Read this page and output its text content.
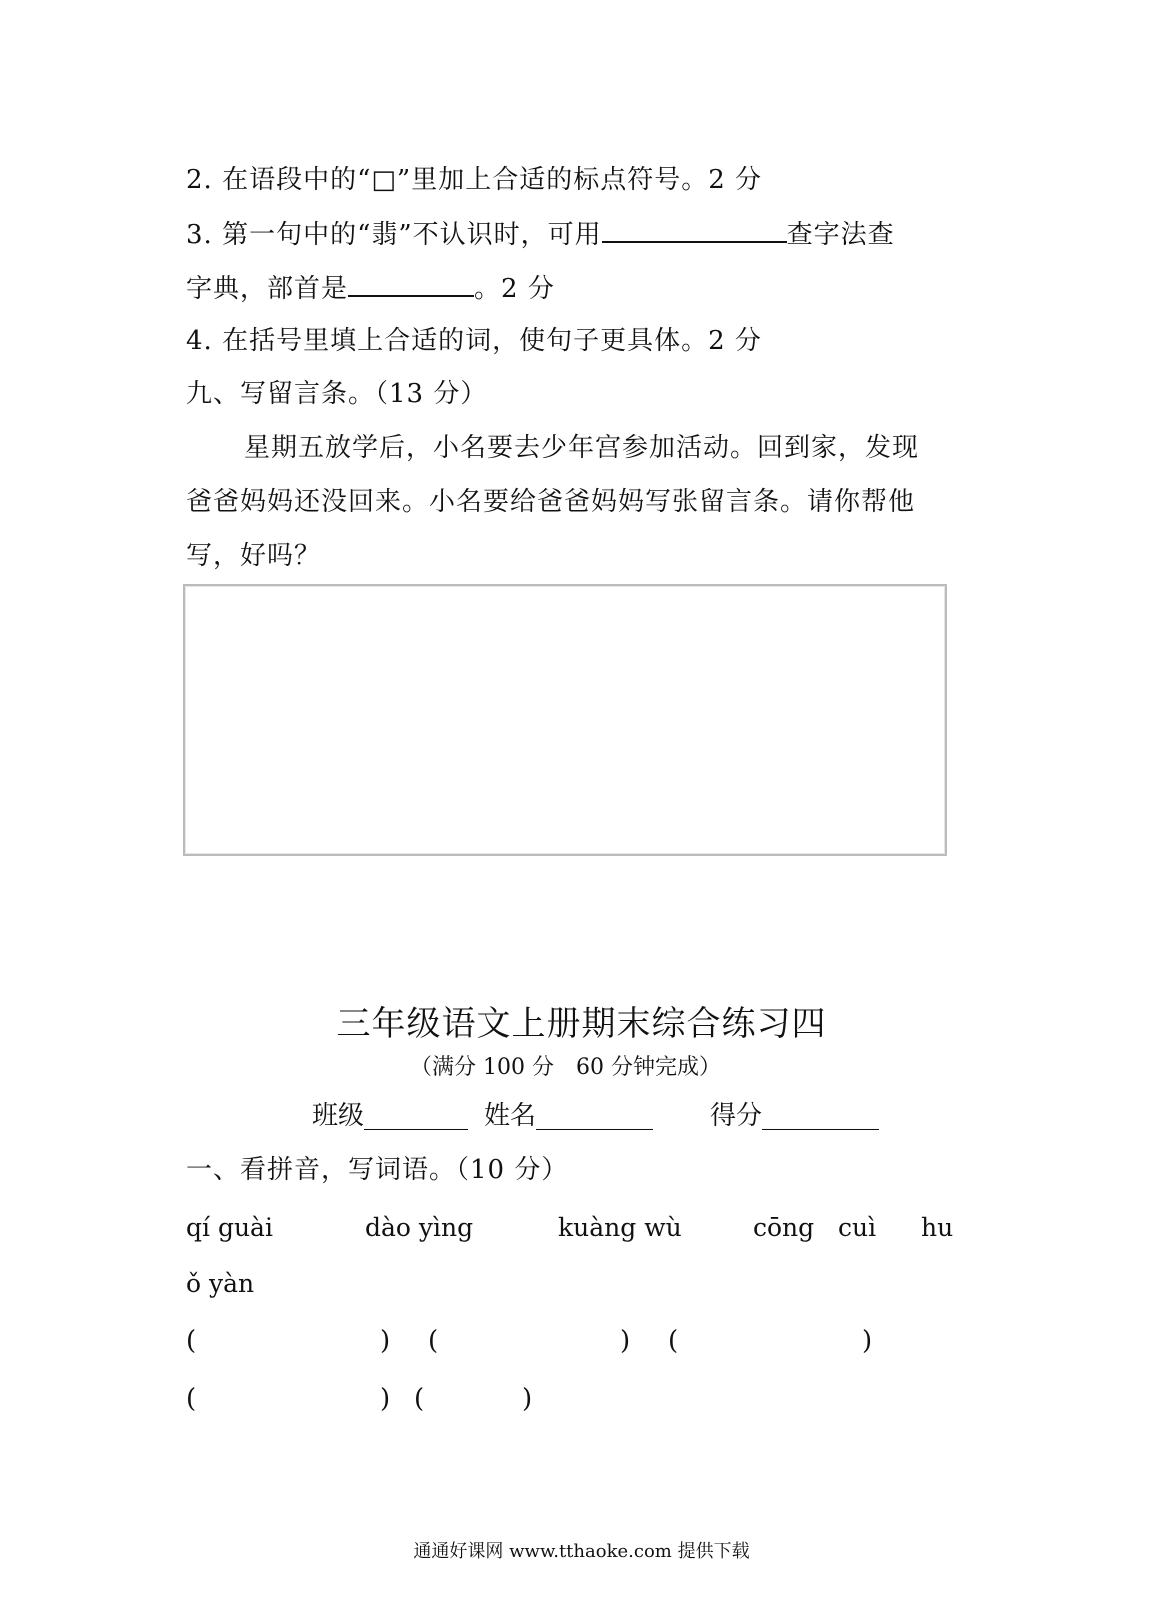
2. 在语段中的“□”里加上合适的标点符号。2 分
3. 第一句中的“翡”不认识时，可用	查字法查
字典，部首是	。2 分
4. 在括号里填上合适的词，使句子更具体。2 分
九、写留言条。（13 分）
星期五放学后，小名要去少年宫参加活动。回到家，发现
爸爸妈妈还没回来。小名要给爸爸妈妈写张留言条。请你帮他
写，好吗？
三年级语文上册期末综合练习四
（满分 100 分　60 分钟完成）
班级________ 姓名_________ 得分_________
一、看拼音，写词语。（10 分）
qí guài	dào yìng	kuàng wù	cōng cuì hu
ǒ yàn
(	) (	) (	)
(	) (	)
通通好课网 www.tthaoke.com 提供下载
